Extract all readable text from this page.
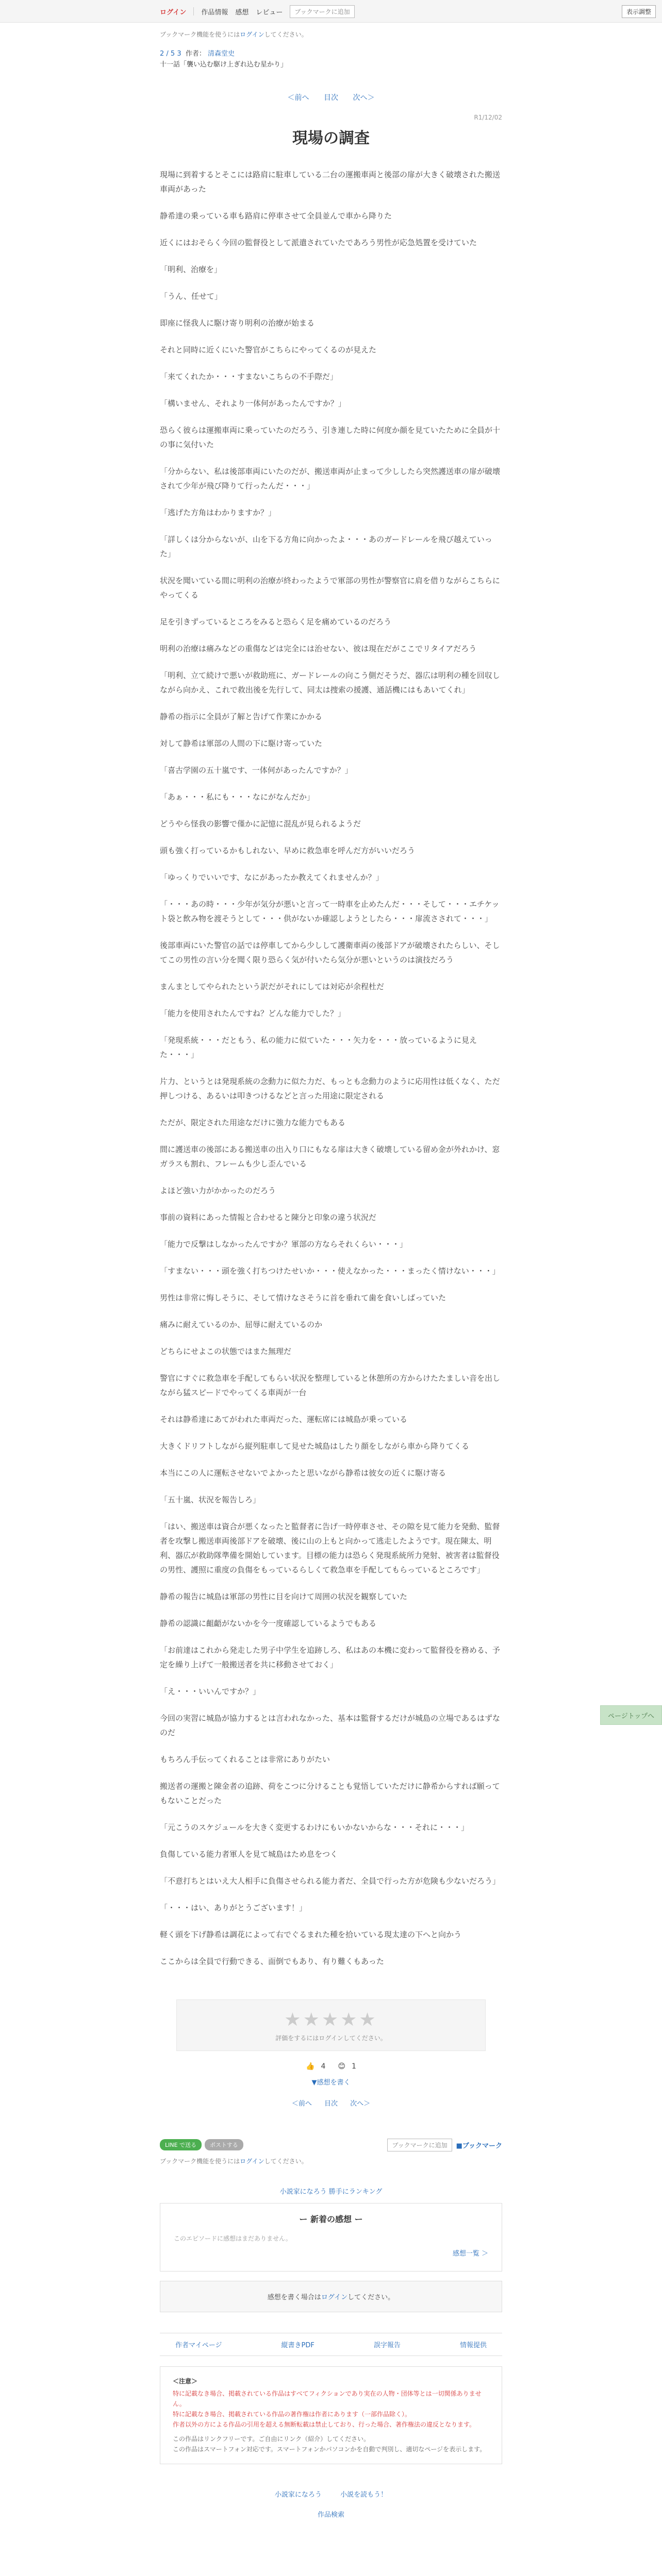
ログイン 作品情報 感想 レビュー	ブックマークに追加	表示調整
ブックマーク機能を使うにはログインしてください。
2 / 5 3 作者： 清森堂史
十一話「襲い込む駆け上ぎれ込む星かり」
＜前へ 目次 次へ＞
R1/12/02
現場の調査

現場に到着するとそこには路肩に駐車している二台の運搬車両と後部の扉が大きく破壊された搬送車両があった

静希達の乗っている車も路肩に停車させて全員並んで車から降りた

近くにはおそらく今回の監督役として派遣されていたであろう男性が応急処置を受けていた

「明利、治療を」

「うん、任せて」

即座に怪我人に駆け寄り明利の治療が始まる

それと同時に近くにいた警官がこちらにやってくるのが見えた

「来てくれたか・・・すまないこちらの不手際だ」

「構いません、それより一体何があったんですか？」

恐らく彼らは運搬車両に乗っていたのだろう、引き連した時に何度か顔を見ていたために全員が十の事に気付いた

「分からない、私は後部車両にいたのだが、搬送車両が止まって少ししたら突然護送車の扉が破壊されて少年が飛び降りて行ったんだ・・・」

「逃げた方角はわかりますか？」

「詳しくは分からないが、山を下る方角に向かったよ・・・あのガードレールを飛び越えていった」

状況を聞いている間に明利の治療が終わったようで軍部の男性が警察官に肩を借りながらこちらにやってくる

足を引きずっているところをみると恐らく足を痛めているのだろう

明利の治療は痛みなどの重傷などは完全には治せない、彼は現在だがここでリタイアだろう

「明利、立て続けで悪いが救助班に、ガードレールの向こう側だそうだ、器広は明利の種を回収しながら向かえ、これで救出後を先行して、同太は捜索の援護、通話機にはもあいてくれ」

静希の指示に全員が了解と告げて作業にかかる

対して静希は軍部の人間の下に駆け寄っていた

「喜古学園の五十嵐です、一体何があったんですか？」

「あぁ・・・私にも・・・なにがなんだか」

どうやら怪我の影響で僅かに記憶に混乱が見られるようだ

頭も強く打っているかもしれない、早めに救急車を呼んだ方がいいだろう

「ゆっくりでいいです、なにがあったか教えてくれませんか？」

「・・・あの時・・・少年が気分が悪いと言って一時車を止めたんだ・・・そして・・・エチケット袋と飲み物を渡そうとして・・・供がないか確認しようとしたら・・・扉流さされて・・・」

後部車両にいた警官の話では停車してから少しして護衛車両の後部ドアが破壊されたらしい、そしてこの男性の言い分を聞く限り恐らく気が付いたら気分が悪いというのは演技だろう

まんまとしてやられたという訳だがそれにしては対応が余程杜だ

「能力を使用されたんですね？どんな能力でした？」

「発現系統・・・だともう、私の能力に似ていた・・・矢力を・・・放っているように見えた・・・」

片力、というとは発現系統の念動力に似た力だ、もっとも念動力のように応用性は低くなく、ただ押しつける、あるいは叩きつけるなどと言った用途に限定される

ただが、限定された用途なだけに強力な能力でもある

間に護送車の後部にある搬送車の出入り口にもなる扉は大きく破壊している留め金が外れかけ、窓ガラスも割れ、フレームも少し歪んでいる

よほど強い力がかかったのだろう

事前の資料にあった情報と合わせると陳分と印象の違う状況だ

「能力で反撃はしなかったんですか？軍部の方ならそれくらい・・・」

「すまない・・・頭を強く打ちつけたせいか・・・使えなかった・・・まったく情けない・・・」

男性は非常に悔しそうに、そして情けなさそうに首を垂れて歯を食いしばっていた

痛みに耐えているのか、屈辱に耐えているのか

どちらにせよこの状態ではまた無理だ

警官にすぐに救急車を手配してもらい状況を整理していると休憩所の方からけたたましい音を出しながら猛スピードでやってくる車両が一台

それは静希達にあてがわれた車両だった、運転席には城島が乗っている

大きくドリフトしながら縦列駐車して見せた城島はしたり顔をしながら車から降りてくる

本当にこの人に運転させないでよかったと思いながら静希は彼女の近くに駆け寄る

「五十嵐、状況を報告しろ」

「はい、搬送車は資合が悪くなったと監督者に告げ一時停車させ、その隙を見て能力を発動、監督者を攻撃し搬送車両後部ドアを破壊、後に山の上もと向かって逃走したようです。現在陳太、明利、器広が救助隊準備を開始しています。目標の能力は恐らく発現系統所力発射、被害者は監督役の男性、護照に重度の負傷をもっているらしくて救急車を手配してもらっているところです」

静希の報告に城島は軍部の男性に目を向けて周囲の状況を観察していた

静希の認識に齟齬がないかを今一度確認しているようでもある

「お前達はこれから発走した男子中学生を追跡しろ、私はあの本機に変わって監督役を務める、予定を繰り上げて一般搬送者を共に移動させておく」

「え・・・いいんですか？」

今回の実習に城島が協力するとは言われなかった、基本は監督するだけが城島の立場であるはずなのだ

もちろん手伝ってくれることは非常にありがたい

搬送者の運搬と陳金者の追跡、荷をこつに分けることも覚悟していただけに静希からすれば願ってもないことだった

「元こうのスケジュールを大きく変更するわけにもいかないからな・・・それに・・・」

負傷している能力者軍人を見て城島はため息をつく

「不意打ちとはいえ大人相手に負傷させられる能力者だ、全員で行った方が危険も少ないだろう」

「・・・はい、ありがとうございます！」

軽く頭を下げ静希は調花によって右でぐるまれた種を拾いている現太達の下へと向かう

ここからは全員で行動できる、面倒でもあり、有り難くもあった

★★★★★
評価をするにはログインしてください。
👍 4 😊 1
▼感想を書く
＜前へ 目次 次へ＞
LINE で送る	ポストする	ブックマークに追加	■ブックマーク
ブックマーク機能を使うにはログインしてください。
小説家になろう 勝手にランキング
ー 新着の感想 ー
このエピソードに感想はまだありません。
感想一覧 ＞
感想を書く場合はログインしてください。
作者マイページ	縦書きPDF	誤字報告	情報提供
＜注意＞
特に記載なき場合、掲載されている作品はすべてフィクションであり実在の人物・団体等とは一切関係ありません。
特に記載なき場合、掲載されている作品の著作権は作者にあります（一部作品除く）。
作者以外の方による作品の引用を超える無断転載は禁止しており、行った場合、著作権法の違反となります。
この作品はリンクフリーです。ご自由にリンク（紹介）してください。
この作品はスマートフォン対応です。スマートフォンかパソコンかを自動で判別し、適切なページを表示します。
小説家になろう	小説を読もう！
作品検索
ページトップへ
